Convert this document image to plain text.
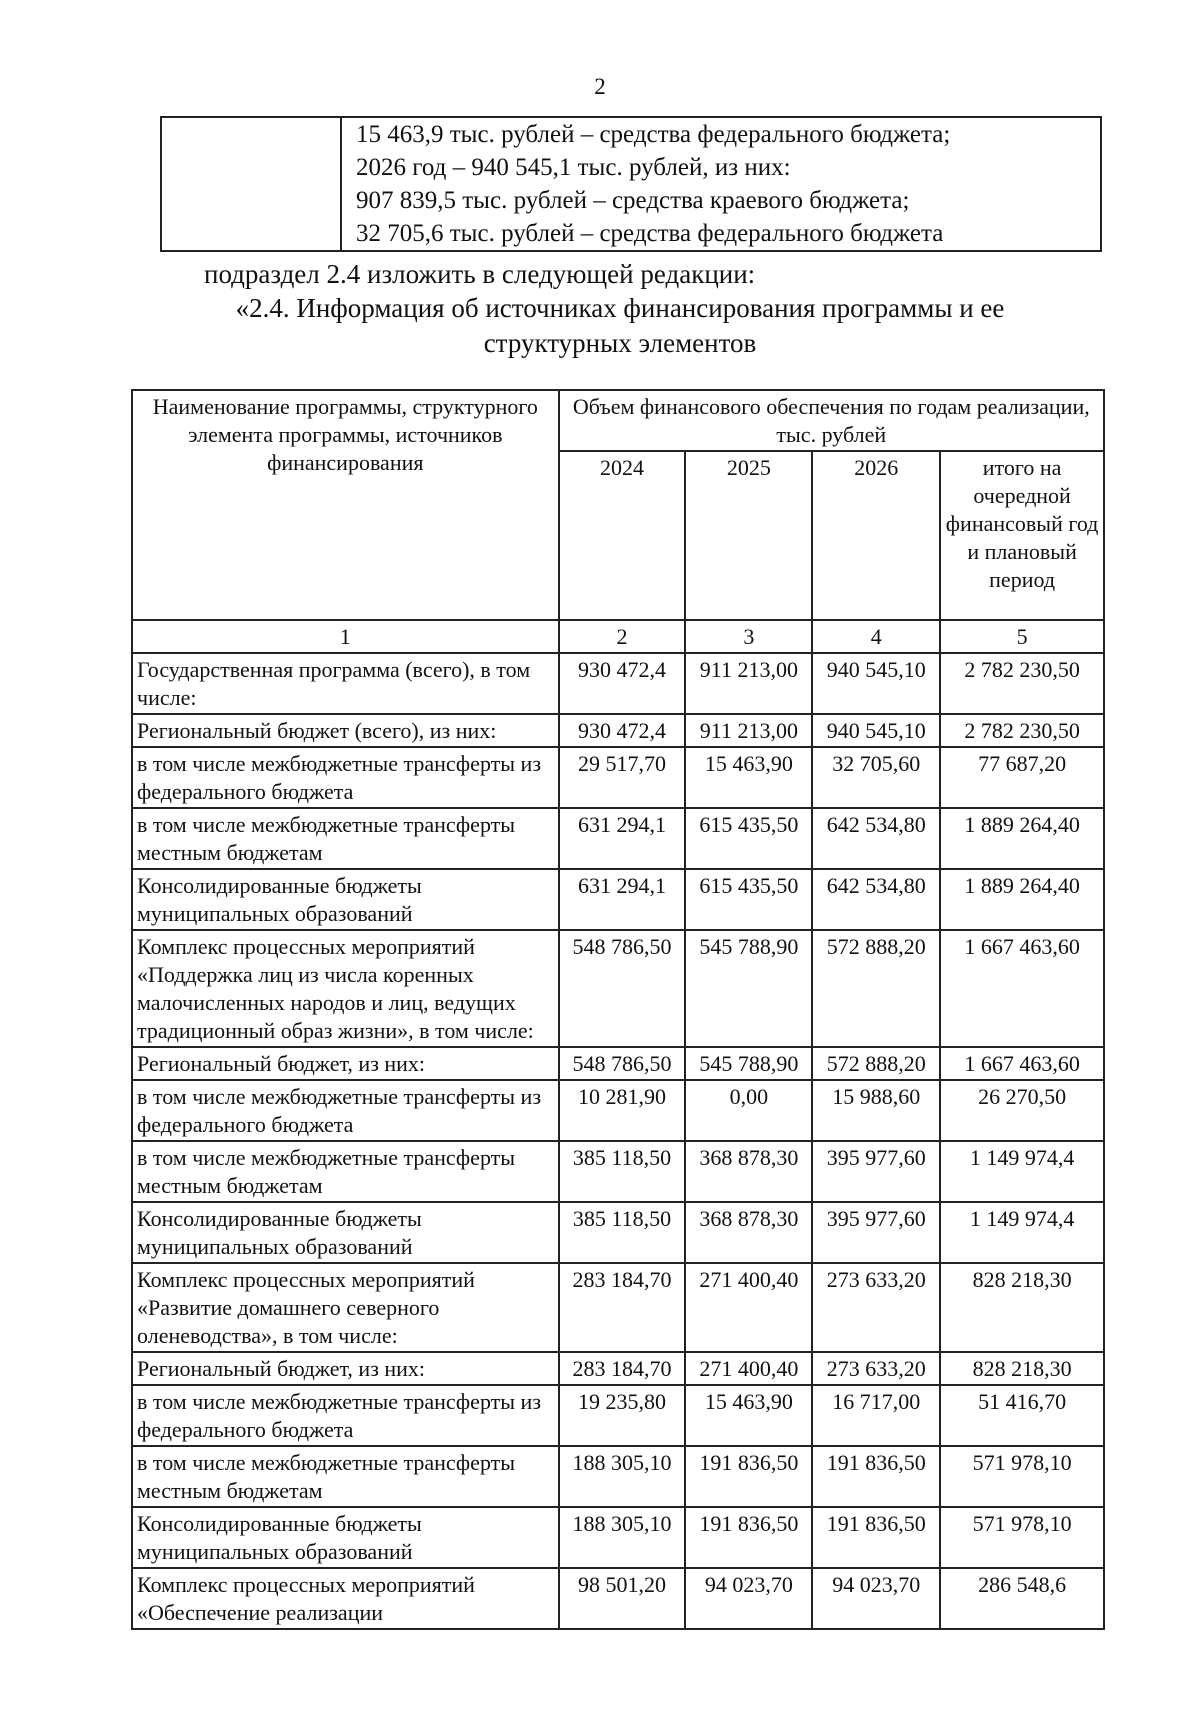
2

15 463,9 тыс. рублей – средства федерального бюджета;
2026 год – 940 545,1 тыс. рублей, из них:
907 839,5 тыс. рублей – средства краевого бюджета;
32 705,6 тыс. рублей – средства федерального бюджета
подраздел 2.4 изложить в следующей редакции:
«2.4. Информация об источниках финансирования программы и ее
структурных элементов
Наименование программы, структурного элемента программы, источников финансирования	Объем финансового обеспечения по годам реализации, тыс. рублей			
	2024	2025	2026	итого на очередной финансовый год и плановый период
1	2	3	4	5
Государственная программа (всего), в том числе:	930 472,4	911 213,00	940 545,10	2 782 230,50
Региональный бюджет (всего), из них:	930 472,4	911 213,00	940 545,10	2 782 230,50
в том числе межбюджетные трансферты из федерального бюджета	29 517,70	15 463,90	32 705,60	77 687,20
в том числе межбюджетные трансферты местным бюджетам	631 294,1	615 435,50	642 534,80	1 889 264,40
Консолидированные бюджеты муниципальных образований	631 294,1	615 435,50	642 534,80	1 889 264,40
Комплекс процессных мероприятий «Поддержка лиц из числа коренных малочисленных народов и лиц, ведущих традиционный образ жизни», в том числе:	548 786,50	545 788,90	572 888,20	1 667 463,60
Региональный бюджет, из них:	548 786,50	545 788,90	572 888,20	1 667 463,60
в том числе межбюджетные трансферты из федерального бюджета	10 281,90	0,00	15 988,60	26 270,50
в том числе межбюджетные трансферты местным бюджетам	385 118,50	368 878,30	395 977,60	1 149 974,4
Консолидированные бюджеты муниципальных образований	385 118,50	368 878,30	395 977,60	1 149 974,4
Комплекс процессных мероприятий «Развитие домашнего северного оленеводства», в том числе:	283 184,70	271 400,40	273 633,20	828 218,30
Региональный бюджет, из них:	283 184,70	271 400,40	273 633,20	828 218,30
в том числе межбюджетные трансферты из федерального бюджета	19 235,80	15 463,90	16 717,00	51 416,70
в том числе межбюджетные трансферты местным бюджетам	188 305,10	191 836,50	191 836,50	571 978,10
Консолидированные бюджеты муниципальных образований	188 305,10	191 836,50	191 836,50	571 978,10
Комплекс процессных мероприятий «Обеспечение реализации	98 501,20	94 023,70	94 023,70	286 548,6
